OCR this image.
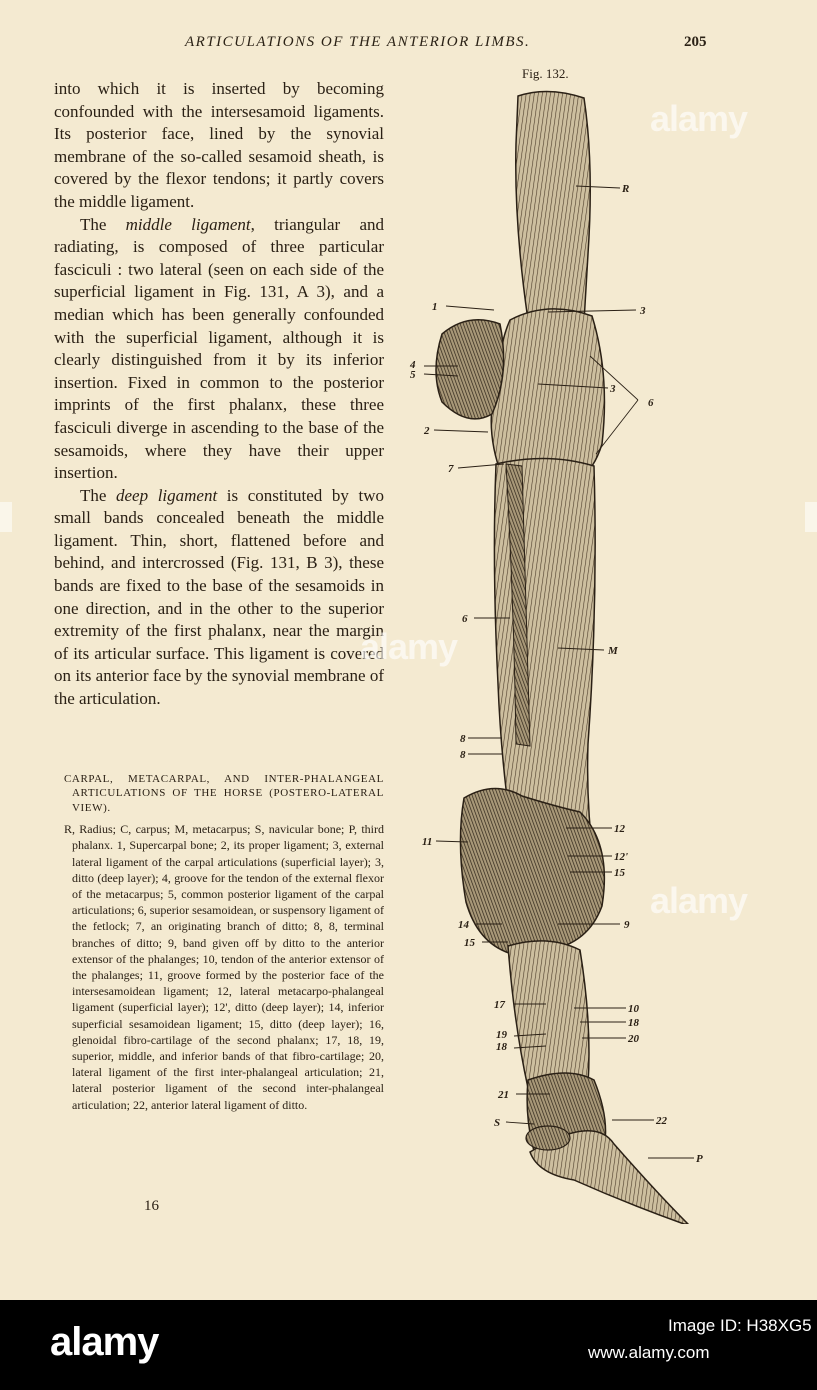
ARTICULATIONS OF THE ANTERIOR LIMBS.	205

into which it is inserted by becoming confounded with the intersesamoid ligaments. Its posterior face, lined by the synovial membrane of the so-called sesamoid sheath, is covered by the flexor tendons; it partly covers the middle ligament.

The middle ligament, triangular and radiating, is composed of three particular fasciculi : two lateral (seen on each side of the superficial ligament in Fig. 131, A 3), and a median which has been generally confounded with the superficial ligament, although it is clearly distinguished from it by its inferior insertion. Fixed in common to the posterior imprints of the first phalanx, these three fasciculi diverge in ascending to the base of the sesamoids, where they have their upper insertion.

The deep ligament is constituted by two small bands concealed beneath the middle ligament. Thin, short, flattened before and behind, and intercrossed (Fig. 131, B 3), these bands are fixed to the base of the sesamoids in one direction, and in the other to the superior extremity of the first phalanx, near the margin of its articular surface. This ligament is covered on its anterior face by the synovial membrane of the articulation.

CARPAL, METACARPAL, AND INTER-PHALANGEAL ARTICULATIONS OF THE HORSE (POSTERO-LATERAL VIEW).

R, Radius; C, carpus; M, metacarpus; S, navicular bone; P, third phalanx. 1, Supercarpal bone; 2, its proper ligament; 3, external lateral ligament of the carpal articulations (superficial layer); 3, ditto (deep layer); 4, groove for the tendon of the external flexor of the metacarpus; 5, common posterior ligament of the carpal articulations; 6, superior sesamoidean, or suspensory ligament of the fetlock; 7, an originating branch of ditto; 8, 8, terminal branches of ditto; 9, band given off by ditto to the anterior extensor of the phalanges; 10, tendon of the anterior extensor of the phalanges; 11, groove formed by the posterior face of the intersesamoidean ligament; 12, lateral metacarpo-phalangeal ligament (superficial layer); 12', ditto (deep layer); 14, inferior superficial sesamoidean ligament; 15, ditto (deep layer); 16, glenoidal fibro-cartilage of the second phalanx; 17, 18, 19, superior, middle, and inferior bands of that fibro-cartilage; 20, lateral ligament of the first inter-phalangeal articulation; 21, lateral posterior ligament of the second inter-phalangeal articulation; 22, anterior lateral ligament of ditto.

16
Fig. 132.
R
1	3
4
5
3
6
2
7
6
M
8
8
11
12
12'
15
14	9
15
17	10
18
19	20
18
21
S	22
P
alamy
alamy
alamy
alamy	Image ID: H38XG5
www.alamy.com
